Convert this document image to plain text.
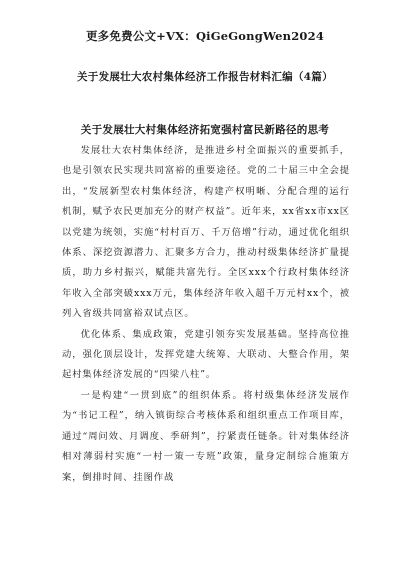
更多免费公文+VX：QiGeGongWen2024
关于发展壮大农村集体经济工作报告材料汇编（4篇）
关于发展壮大村集体经济拓宽强村富民新路径的思考

发展壮大农村集体经济，是推进乡村全面振兴的重要抓手，也是引领农民实现共同富裕的重要途径。党的二十届三中全会提出，“发展新型农村集体经济，构建产权明晰、分配合理的运行机制，赋予农民更加充分的财产权益”。近年来，xx省xx市xx区以党建为统领，实施“村村百万、千万倍增”行动，通过优化组织体系、深挖资源潜力、汇聚多方合力，推动村级集体经济扩量提质，助力乡村振兴，赋能共富先行。全区xxx个行政村集体经济年收入全部突破xxx万元，集体经济年收入超千万元村xx个，被列入省级共同富裕双试点区。

优化体系、集成政策，党建引领夯实发展基础。坚持高位推动，强化顶层设计，发挥党建大统筹、大联动、大整合作用，架起村集体经济发展的“四梁八柱”。

一是构建“一贯到底”的组织体系。将村级集体经济发展作为“书记工程”，纳入镇街综合考核体系和组织重点工作项目库，通过“周问效、月调度、季研判”，拧紧责任链条。针对集体经济相对薄弱村实施“一村一策一专班”政策，量身定制综合施策方案，倒排时间、挂图作战
